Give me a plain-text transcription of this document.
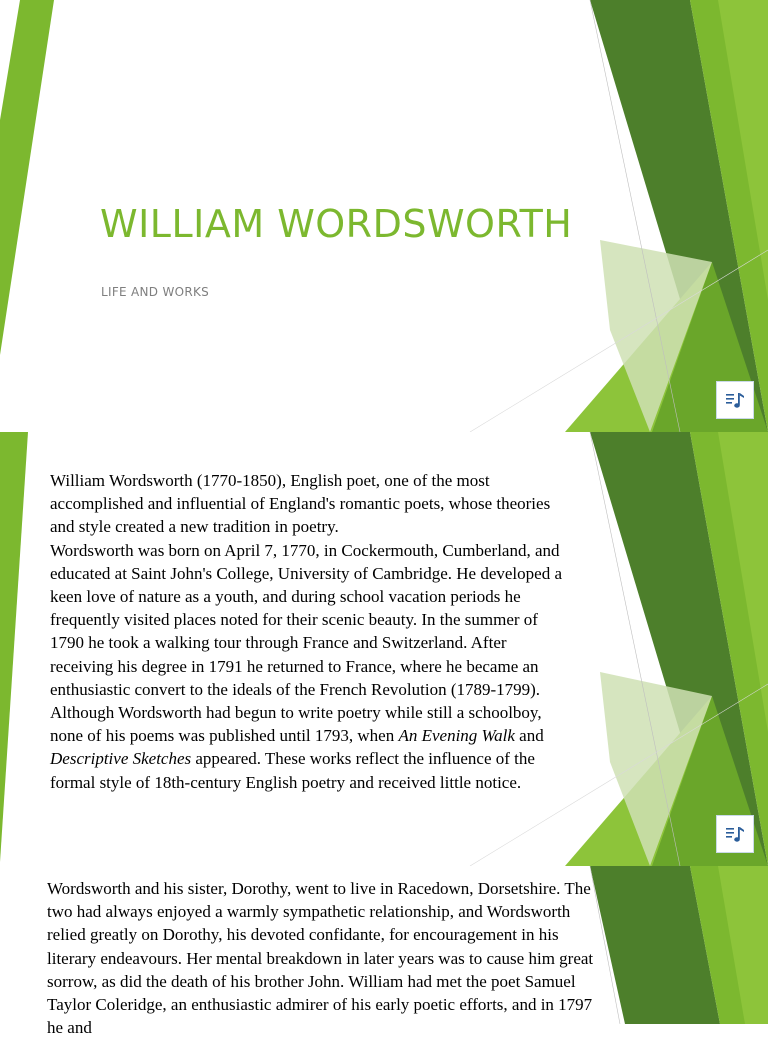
WILLIAM WORDSWORTH
LIFE AND WORKS

William Wordsworth (1770-1850), English poet, one of the most accomplished and influential of England's romantic poets, whose theories and style created a new tradition in poetry.
Wordsworth was born on April 7, 1770, in Cockermouth, Cumberland, and educated at Saint John's College, University of Cambridge. He developed a keen love of nature as a youth, and during school vacation periods he frequently visited places noted for their scenic beauty. In the summer of 1790 he took a walking tour through France and Switzerland. After receiving his degree in 1791 he returned to France, where he became an enthusiastic convert to the ideals of the French Revolution (1789-1799). Although Wordsworth had begun to write poetry while still a schoolboy, none of his poems was published until 1793, when An Evening Walk and Descriptive Sketches appeared. These works reflect the influence of the formal style of 18th-century English poetry and received little notice.

Wordsworth and his sister, Dorothy, went to live in Racedown, Dorsetshire. The two had always enjoyed a warmly sympathetic relationship, and Wordsworth relied greatly on Dorothy, his devoted confidante, for encouragement in his literary endeavours. Her mental breakdown in later years was to cause him great sorrow, as did the death of his brother John. William had met the poet Samuel Taylor Coleridge, an enthusiastic admirer of his early poetic efforts, and in 1797 he and
